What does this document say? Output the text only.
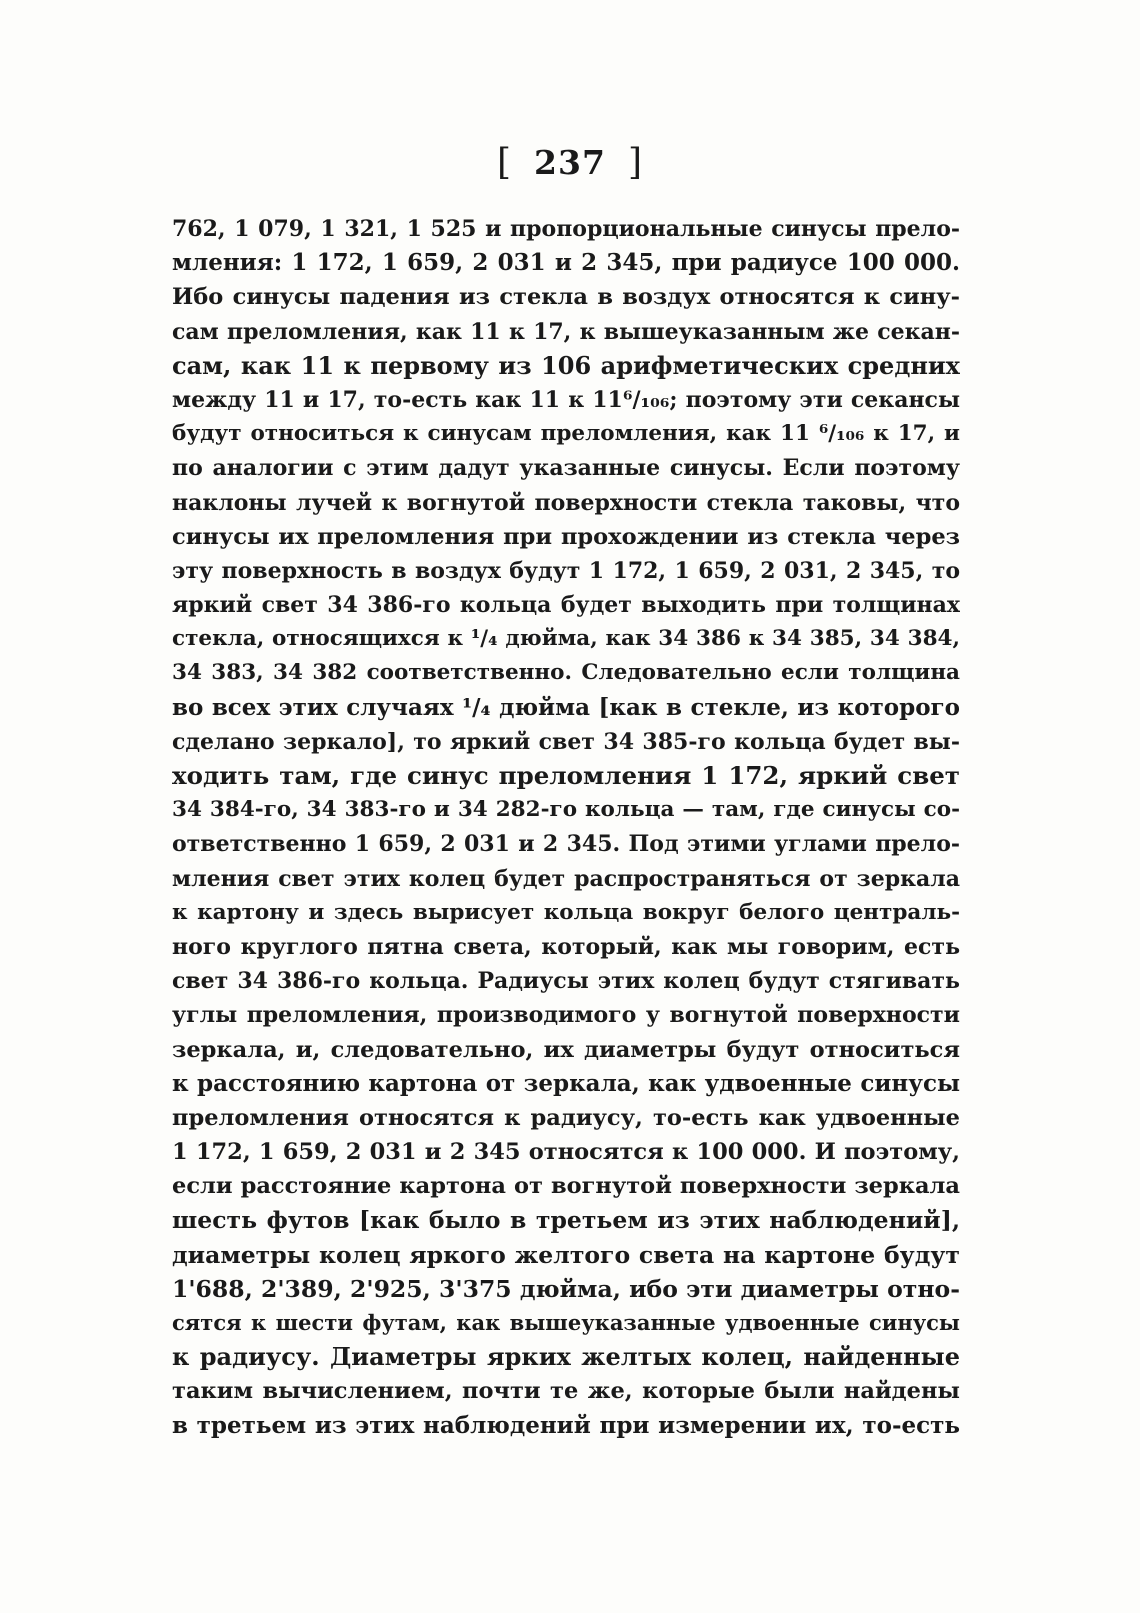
[ 237 ]
762, 1 079, 1 321, 1 525 и пропорциональные синусы прело-
мления: 1 172, 1 659, 2 031 и 2 345, при радиусе 100 000.
Ибо синусы падения из стекла в воздух относятся к сину-
сам преломления, как 11 к 17, к вышеуказанным же секан-
сам, как 11 к первому из 106 арифметических средних
между 11 и 17, то-есть как 11 к 11⁶/₁₀₆; поэтому эти секансы
будут относиться к синусам преломления, как 11 ⁶/₁₀₆ к 17, и
по аналогии с этим дадут указанные синусы. Если поэтому
наклоны лучей к вогнутой поверхности стекла таковы, что
синусы их преломления при прохождении из стекла через
эту поверхность в воздух будут 1 172, 1 659, 2 031, 2 345, то
яркий свет 34 386-го кольца будет выходить при толщинах
стекла, относящихся к ¹/₄ дюйма, как 34 386 к 34 385, 34 384,
34 383, 34 382 соответственно. Следовательно если толщина
во всех этих случаях ¹/₄ дюйма [как в стекле, из которого
сделано зеркало], то яркий свет 34 385-го кольца будет вы-
ходить там, где синус преломления 1 172, яркий свет
34 384-го, 34 383-го и 34 282-го кольца — там, где синусы со-
ответственно 1 659, 2 031 и 2 345. Под этими углами прело-
мления свет этих колец будет распространяться от зеркала
к картону и здесь вырисует кольца вокруг белого централь-
ного круглого пятна света, который, как мы говорим, есть
свет 34 386-го кольца. Радиусы этих колец будут стягивать
углы преломления, производимого у вогнутой поверхности
зеркала, и, следовательно, их диаметры будут относиться
к расстоянию картона от зеркала, как удвоенные синусы
преломления относятся к радиусу, то-есть как удвоенные
1 172, 1 659, 2 031 и 2 345 относятся к 100 000. И поэтому,
если расстояние картона от вогнутой поверхности зеркала
шесть футов [как было в третьем из этих наблюдений],
диаметры колец яркого желтого света на картоне будут
1'688, 2'389, 2'925, 3'375 дюйма, ибо эти диаметры отно-
сятся к шести футам, как вышеуказанные удвоенные синусы
к радиусу. Диаметры ярких желтых колец, найденные
таким вычислением, почти те же, которые были найдены
в третьем из этих наблюдений при измерении их, то-есть
